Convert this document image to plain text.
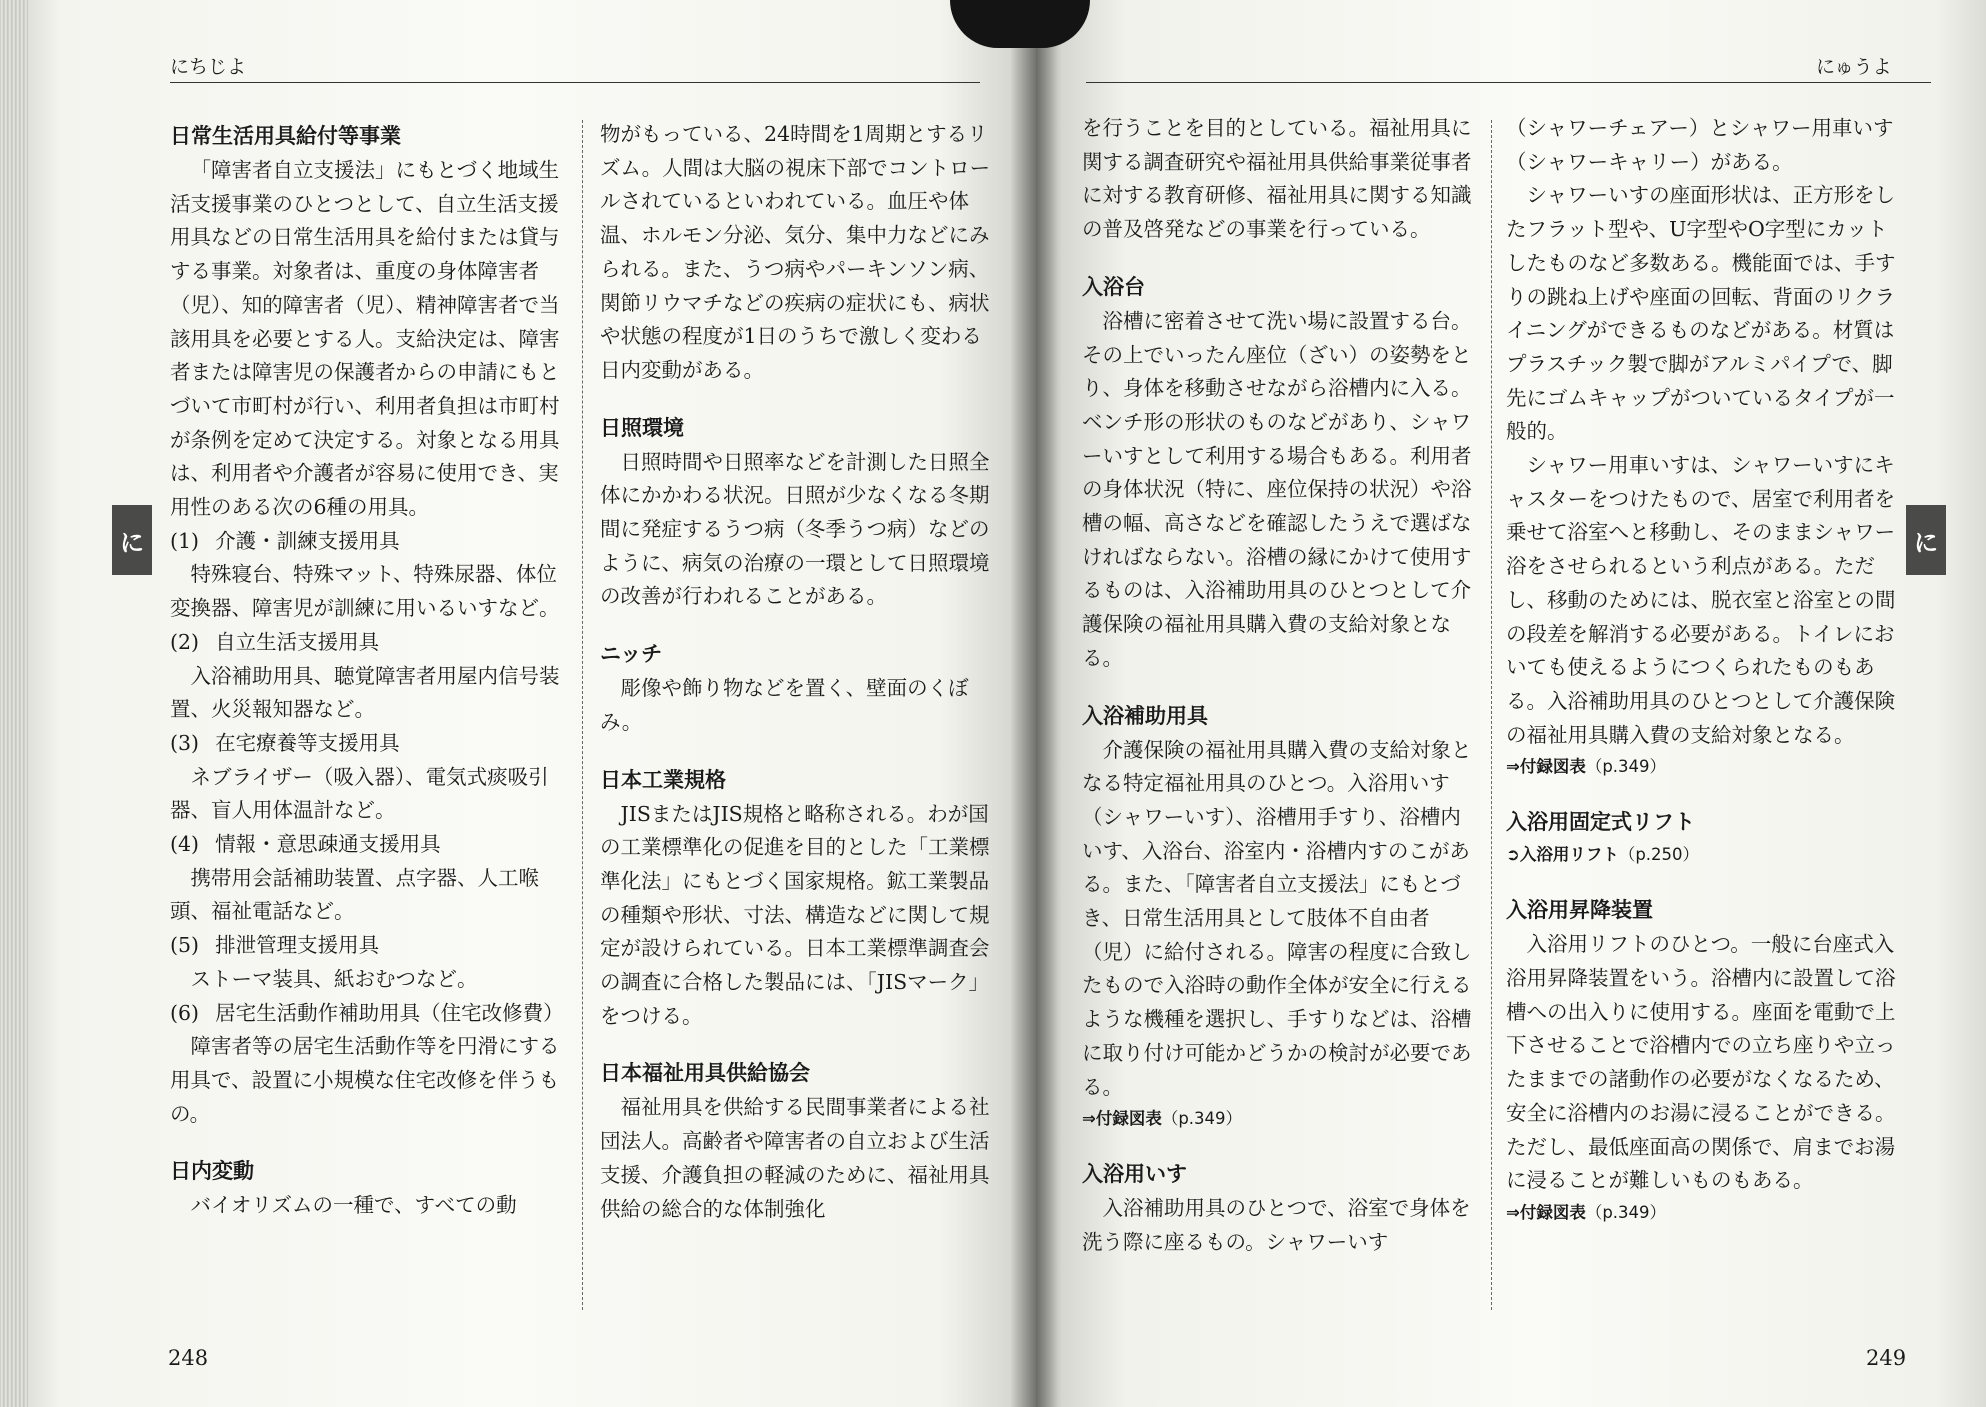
にちじよ
に
日常生活用具給付等事業

「障害者自立支援法」にもとづく地域生活支援事業のひとつとして、自立生活支援用具などの日常生活用具を給付または貸与する事業。対象者は、重度の身体障害者（児）、知的障害者（児）、精神障害者で当該用具を必要とする人。支給決定は、障害者または障害児の保護者からの申請にもとづいて市町村が行い、利用者負担は市町村が条例を定めて決定する。対象となる用具は、利用者や介護者が容易に使用でき、実用性のある次の6種の用具。

(1) 介護・訓練支援用具

特殊寝台、特殊マット、特殊尿器、体位変換器、障害児が訓練に用いるいすなど。

(2) 自立生活支援用具

入浴補助用具、聴覚障害者用屋内信号装置、火災報知器など。

(3) 在宅療養等支援用具

ネブライザー（吸入器）、電気式痰吸引器、盲人用体温計など。

(4) 情報・意思疎通支援用具

携帯用会話補助装置、点字器、人工喉頭、福祉電話など。

(5) 排泄管理支援用具

ストーマ装具、紙おむつなど。

(6) 居宅生活動作補助用具（住宅改修費）

障害者等の居宅生活動作等を円滑にする用具で、設置に小規模な住宅改修を伴うもの。

日内変動

バイオリズムの一種で、すべての動

物がもっている、24時間を1周期とするリズム。人間は大脳の視床下部でコントロールされているといわれている。血圧や体温、ホルモン分泌、気分、集中力などにみられる。また、うつ病やパーキンソン病、関節リウマチなどの疾病の症状にも、病状や状態の程度が1日のうちで激しく変わる日内変動がある。

日照環境

日照時間や日照率などを計測した日照全体にかかわる状況。日照が少なくなる冬期間に発症するうつ病（冬季うつ病）などのように、病気の治療の一環として日照環境の改善が行われることがある。

ニッチ

彫像や飾り物などを置く、壁面のくぼみ。

日本工業規格

JISまたはJIS規格と略称される。わが国の工業標準化の促進を目的とした「工業標準化法」にもとづく国家規格。鉱工業製品の種類や形状、寸法、構造などに関して規定が設けられている。日本工業標準調査会の調査に合格した製品には、「JISマーク」をつける。

日本福祉用具供給協会

福祉用具を供給する民間事業者による社団法人。高齢者や障害者の自立および生活支援、介護負担の軽減のために、福祉用具供給の総合的な体制強化

248
にゅうよ
に

を行うことを目的としている。福祉用具に関する調査研究や福祉用具供給事業従事者に対する教育研修、福祉用具に関する知識の普及啓発などの事業を行っている。

入浴台

浴槽に密着させて洗い場に設置する台。その上でいったん座位（ざい）の姿勢をとり、身体を移動させながら浴槽内に入る。ベンチ形の形状のものなどがあり、シャワーいすとして利用する場合もある。利用者の身体状況（特に、座位保持の状況）や浴槽の幅、高さなどを確認したうえで選ばなければならない。浴槽の縁にかけて使用するものは、入浴補助用具のひとつとして介護保険の福祉用具購入費の支給対象となる。

入浴補助用具

介護保険の福祉用具購入費の支給対象となる特定福祉用具のひとつ。入浴用いす（シャワーいす）、浴槽用手すり、浴槽内いす、入浴台、浴室内・浴槽内すのこがある。また、「障害者自立支援法」にもとづき、日常生活用具として肢体不自由者（児）に給付される。障害の程度に合致したもので入浴時の動作全体が安全に行えるような機種を選択し、手すりなどは、浴槽に取り付け可能かどうかの検討が必要である。

⇒付録図表（p.349）
入浴用いす

入浴補助用具のひとつで、浴室で身体を洗う際に座るもの。シャワーいす

（シャワーチェアー）とシャワー用車いす（シャワーキャリー）がある。

シャワーいすの座面形状は、正方形をしたフラット型や、U字型やO字型にカットしたものなど多数ある。機能面では、手すりの跳ね上げや座面の回転、背面のリクライニングができるものなどがある。材質はプラスチック製で脚がアルミパイプで、脚先にゴムキャップがついているタイプが一般的。

シャワー用車いすは、シャワーいすにキャスターをつけたもので、居室で利用者を乗せて浴室へと移動し、そのままシャワー浴をさせられるという利点がある。ただし、移動のためには、脱衣室と浴室との間の段差を解消する必要がある。トイレにおいても使えるようにつくられたものもある。入浴補助用具のひとつとして介護保険の福祉用具購入費の支給対象となる。

⇒付録図表（p.349）
入浴用固定式リフト
➲入浴用リフト（p.250）
入浴用昇降装置

入浴用リフトのひとつ。一般に台座式入浴用昇降装置をいう。浴槽内に設置して浴槽への出入りに使用する。座面を電動で上下させることで浴槽内での立ち座りや立ったままでの諸動作の必要がなくなるため、安全に浴槽内のお湯に浸ることができる。ただし、最低座面高の関係で、肩までお湯に浸ることが難しいものもある。

⇒付録図表（p.349）
249
